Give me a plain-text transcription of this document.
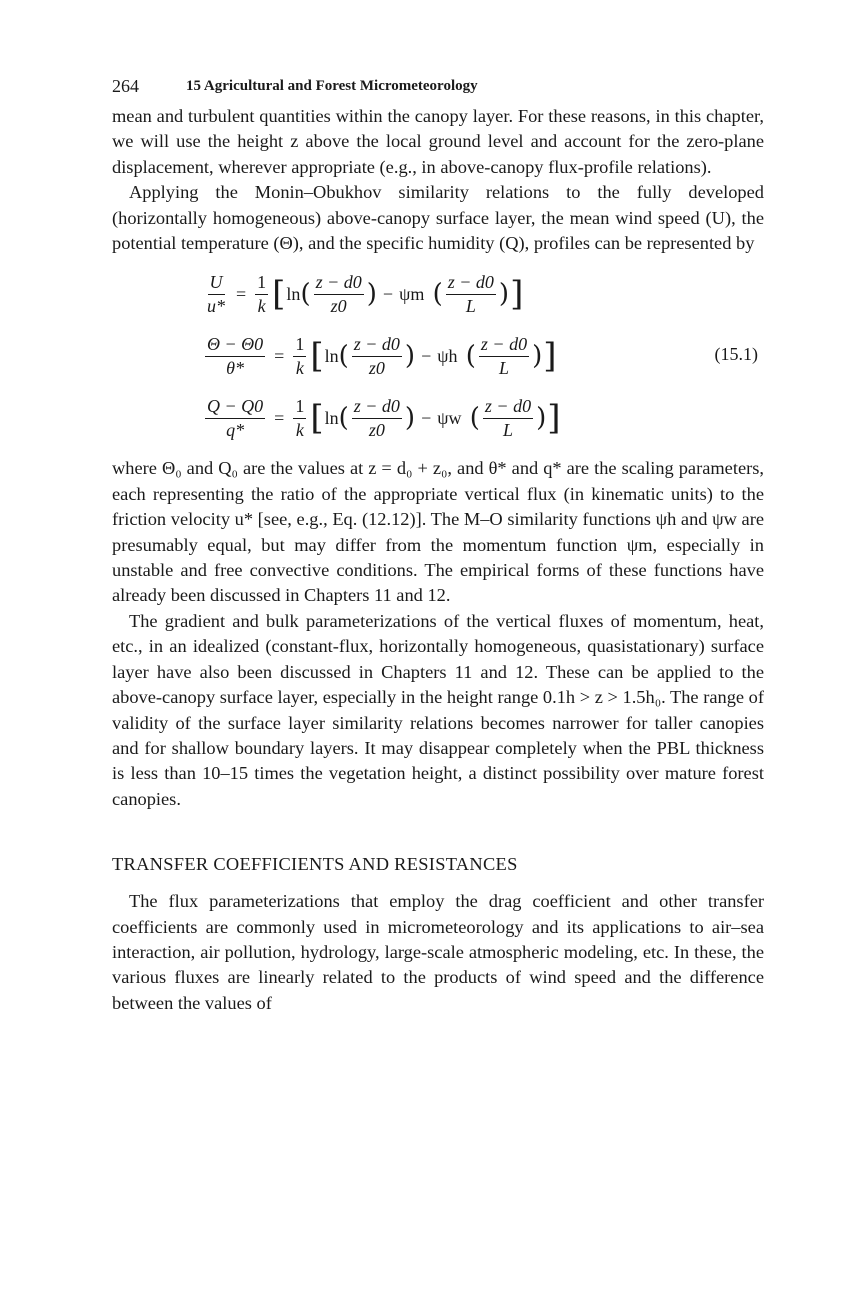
264	15 Agricultural and Forest Micrometeorology

mean and turbulent quantities within the canopy layer. For these reasons, in this chapter, we will use the height z above the local ground level and account for the zero-plane displacement, wherever appropriate (e.g., in above-canopy flux-profile relations).

Applying the Monin–Obukhov similarity relations to the fully developed (horizontally homogeneous) above-canopy surface layer, the mean wind speed (U), the potential temperature (Θ), and the specific humidity (Q), profiles can be represented by

$\frac{U}{u*} = \frac{1}{k}$ [ ln ( $\frac{z - d0}{z0}$ ) − ψm ( $\frac{z - d0}{L}$ ) ]
$\frac{\Theta - \Theta 0}{\theta*} = \frac{1}{k}$ [ ln ( $\frac{z - d0}{z0}$ ) − ψh ( $\frac{z - d0}{L}$ ) ]
$\frac{Q - Q0}{q*} = \frac{1}{k}$ [ ln ( $\frac{z - d0}{z0}$ ) − ψw ( $\frac{z - d0}{L}$ ) ]
(15.1)

where Θ₀ and Q₀ are the values at z = d₀ + z₀, and θ* and q* are the scaling parameters, each representing the ratio of the appropriate vertical flux (in kinematic units) to the friction velocity u* [see, e.g., Eq. (12.12)]. The M–O similarity functions ψh and ψw are presumably equal, but may differ from the momentum function ψm, especially in unstable and free convective conditions. The empirical forms of these functions have already been discussed in Chapters 11 and 12.

The gradient and bulk parameterizations of the vertical fluxes of momentum, heat, etc., in an idealized (constant-flux, horizontally homogeneous, quasistationary) surface layer have also been discussed in Chapters 11 and 12. These can be applied to the above-canopy surface layer, especially in the height range 0.1h > z > 1.5h₀. The range of validity of the surface layer similarity relations becomes narrower for taller canopies and for shallow boundary layers. It may disappear completely when the PBL thickness is less than 10–15 times the vegetation height, a distinct possibility over mature forest canopies.

TRANSFER COEFFICIENTS AND RESISTANCES

The flux parameterizations that employ the drag coefficient and other transfer coefficients are commonly used in micrometeorology and its applications to air–sea interaction, air pollution, hydrology, large-scale atmospheric modeling, etc. In these, the various fluxes are linearly related to the products of wind speed and the difference between the values of
